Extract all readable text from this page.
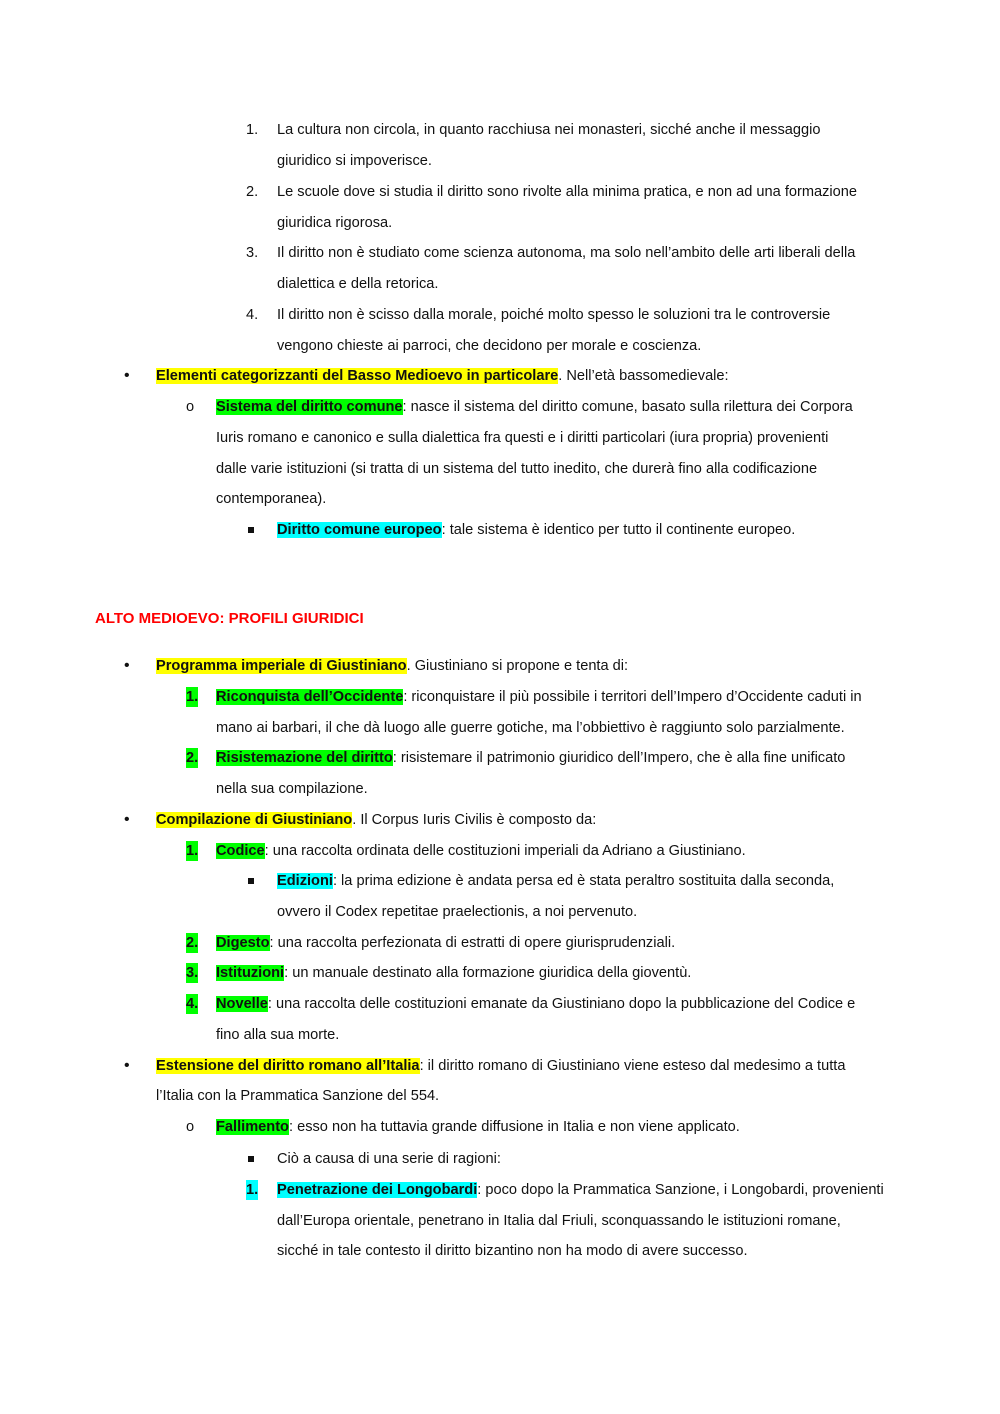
1. La cultura non circola, in quanto racchiusa nei monasteri, sicché anche il messaggio
giuridico si impoverisce.
2. Le scuole dove si studia il diritto sono rivolte alla minima pratica, e non ad una formazione
giuridica rigorosa.
3. Il diritto non è studiato come scienza autonoma, ma solo nell’ambito delle arti liberali della
dialettica e della retorica.
4. Il diritto non è scisso dalla morale, poiché molto spesso le soluzioni tra le controversie
vengono chieste ai parroci, che decidono per morale e coscienza.
• Elementi categorizzanti del Basso Medioevo in particolare. Nell’età bassomedievale:
o Sistema del diritto comune: nasce il sistema del diritto comune, basato sulla rilettura dei Corpora
Iuris romano e canonico e sulla dialettica fra questi e i diritti particolari (iura propria) provenienti
dalle varie istituzioni (si tratta di un sistema del tutto inedito, che durerà fino alla codificazione
contemporanea).
Diritto comune europeo: tale sistema è identico per tutto il continente europeo.
ALTO MEDIOEVO: PROFILI GIURIDICI
• Programma imperiale di Giustiniano. Giustiniano si propone e tenta di:
1. Riconquista dell’Occidente: riconquistare il più possibile i territori dell’Impero d’Occidente caduti in
mano ai barbari, il che dà luogo alle guerre gotiche, ma l’obbiettivo è raggiunto solo parzialmente.
2. Risistemazione del diritto: risistemare il patrimonio giuridico dell’Impero, che è alla fine unificato
nella sua compilazione.
• Compilazione di Giustiniano. Il Corpus Iuris Civilis è composto da:
1. Codice: una raccolta ordinata delle costituzioni imperiali da Adriano a Giustiniano.
Edizioni: la prima edizione è andata persa ed è stata peraltro sostituita dalla seconda,
ovvero il Codex repetitae praelectionis, a noi pervenuto.
2. Digesto: una raccolta perfezionata di estratti di opere giurisprudenziali.
3. Istituzioni: un manuale destinato alla formazione giuridica della gioventù.
4. Novelle: una raccolta delle costituzioni emanate da Giustiniano dopo la pubblicazione del Codice e
fino alla sua morte.
• Estensione del diritto romano all’Italia: il diritto romano di Giustiniano viene esteso dal medesimo a tutta
l’Italia con la Prammatica Sanzione del 554.
o Fallimento: esso non ha tuttavia grande diffusione in Italia e non viene applicato.
Ciò a causa di una serie di ragioni:
1. Penetrazione dei Longobardi: poco dopo la Prammatica Sanzione, i Longobardi, provenienti
dall’Europa orientale, penetrano in Italia dal Friuli, sconquassando le istituzioni romane,
sicché in tale contesto il diritto bizantino non ha modo di avere successo.
